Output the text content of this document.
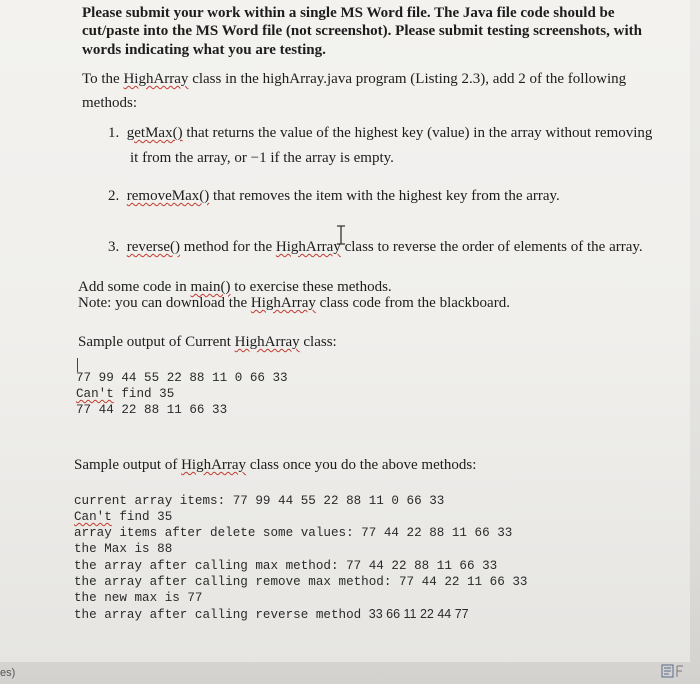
Please submit your work within a single MS Word file. The Java file code should be
cut/paste into the MS Word file (not screenshot). Please submit testing screenshots, with
words indicating what you are testing.
To the HighArray class in the highArray.java program (Listing 2.3), add 2 of the following
methods:
1. getMax() that returns the value of the highest key (value) in the array without removing
it from the array, or −1 if the array is empty.
2. removeMax() that removes the item with the highest key from the array.
3. reverse() method for the HighArray class to reverse the order of elements of the array.
Add some code in main() to exercise these methods.
Note: you can download the HighArray class code from the blackboard.
Sample output of Current HighArray class:
77 99 44 55 22 88 11 0 66 33
Can't find 35
77 44 22 88 11 66 33
Sample output of HighArray class once you do the above methods:
current array items: 77 99 44 55 22 88 11 0 66 33
Can't find 35
array items after delete some values: 77 44 22 88 11 66 33
the Max is 88
the array after calling max method: 77 44 22 88 11 66 33
the array after calling remove max method: 77 44 22 11 66 33
the new max is 77
the array after calling reverse method 33 66 11 22 44 77
es)
